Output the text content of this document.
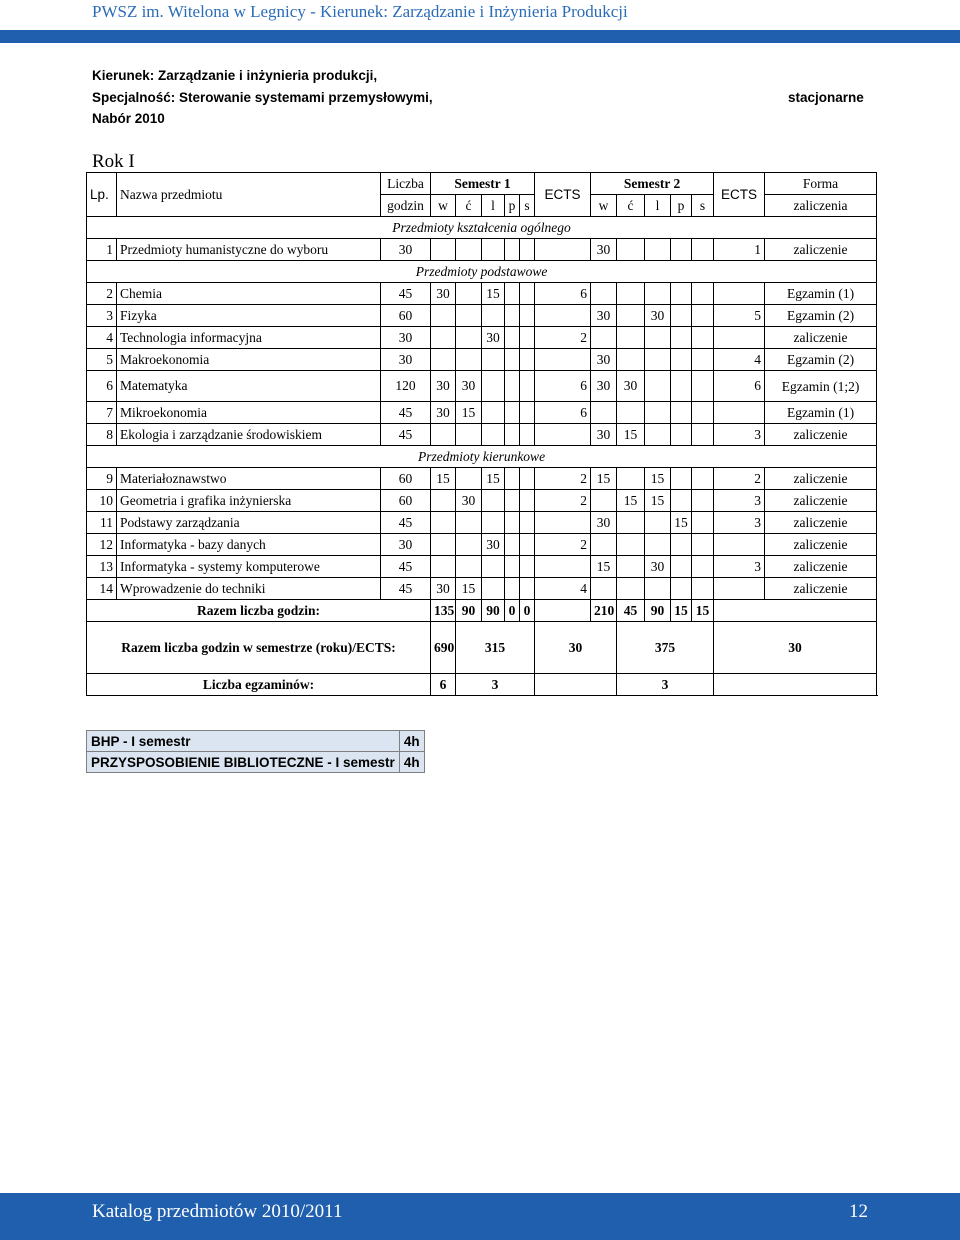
PWSZ im. Witelona w Legnicy - Kierunek: Zarządzanie i Inżynieria Produkcji
Kierunek: Zarządzanie i inżynieria produkcji,
Specjalność: Sterowanie systemami przemysłowymi,
Nabór 2010
stacjonarne
Rok I
Lp.	Nazwa przedmiotu	Liczba	Semestr 1					ECTS	Semestr 2					ECTS	Forma	
		godzin	w	ć	l	p	s		w	ć	l	p	s		zaliczenia	
Przedmioty kształcenia ogólnego																
1	Przedmioty humanistyczne do wyboru	30							30					1	zaliczenie	
Przedmioty podstawowe																
2	Chemia	45	30		15			6							Egzamin (1)	
3	Fizyka	60							30		30			5	Egzamin (2)	
4	Technologia informacyjna	30			30			2							zaliczenie	
5	Makroekonomia	30							30					4	Egzamin (2)	
6	Matematyka	120	30	30				6	30	30				6	Egzamin (1;2)	
7	Mikroekonomia	45	30	15				6							Egzamin (1)	
8	Ekologia i zarządzanie środowiskiem	45							30	15				3	zaliczenie	
Przedmioty kierunkowe																
9	Materiałoznawstwo	60	15		15			2	15		15			2	zaliczenie	
10	Geometria i grafika inżynierska	60		30				2		15	15			3	zaliczenie	
11	Podstawy zarządzania	45							30			15		3	zaliczenie	
12	Informatyka - bazy danych	30			30			2							zaliczenie	
13	Informatyka - systemy komputerowe	45							15		30			3	zaliczenie	
14	Wprowadzenie do techniki	45	30	15				4							zaliczenie	
Razem liczba godzin:			135	90	90	0	0		210	45	90	15	15			
Razem liczba godzin w semestrze (roku)/ECTS:			690	315				30		375				30		
Liczba egzaminów:			6	3						3						
BHP - I semestr	4h
PRZYSPOSOBIENIE BIBLIOTECZNE - I semestr	4h
Katalog przedmiotów 2010/2011	12
